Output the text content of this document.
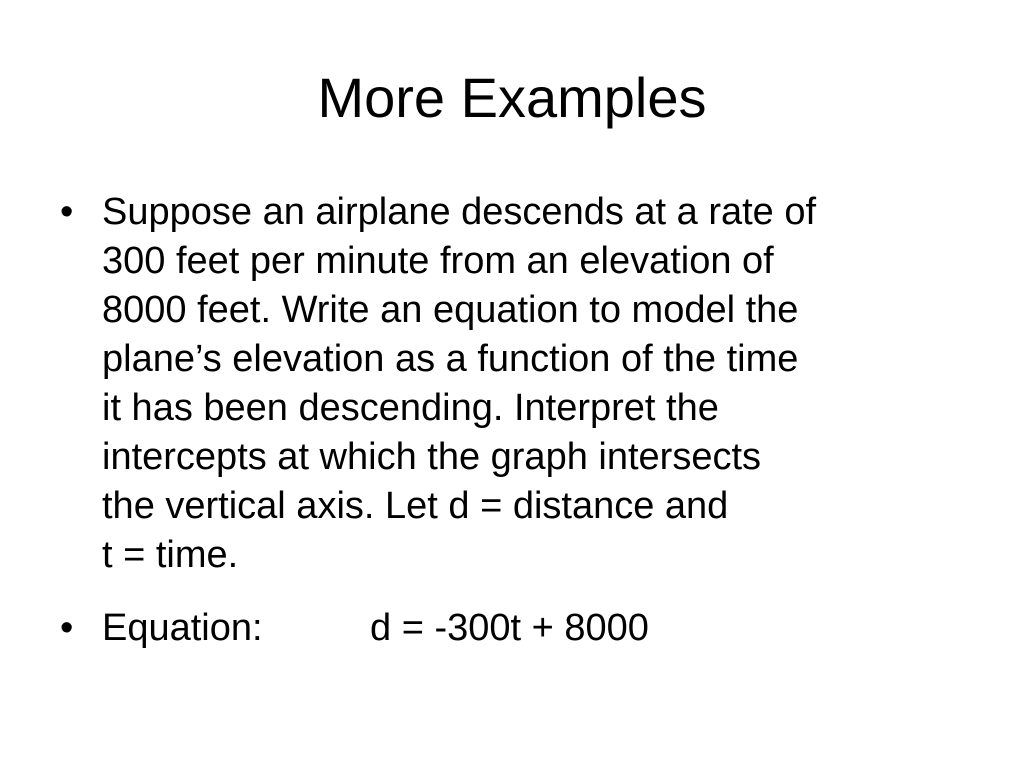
More Examples
• Suppose an airplane descends at a rate of
300 feet per minute from an elevation of
8000 feet. Write an equation to model the
plane’s elevation as a function of the time
it has been descending. Interpret the
intercepts at which the graph intersects
the vertical axis. Let d = distance and
t = time.
• Equation:	d = -300t + 8000
